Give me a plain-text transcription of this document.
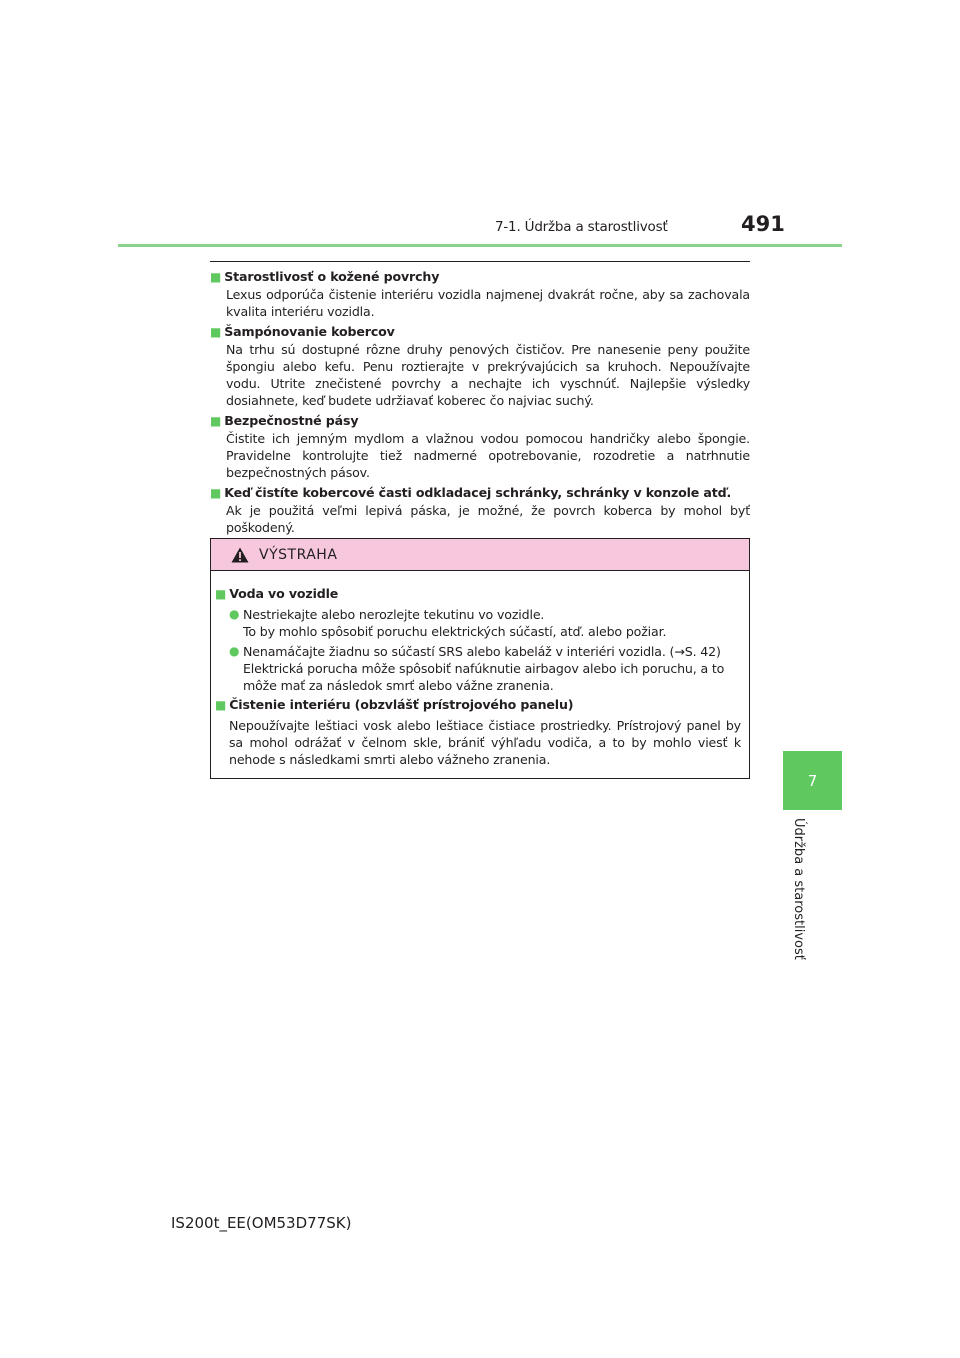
7-1. Údržba a starostlivosť	491
7
Údržba a starostlivosť
■ Starostlivosť o kožené povrchy
Lexus odporúča čistenie interiéru vozidla najmenej dvakrát ročne, aby sa zachovala kvalita interiéru vozidla.
■ Šampónovanie kobercov
Na trhu sú dostupné rôzne druhy penových čističov. Pre nanesenie peny použite špongiu alebo kefu. Penu roztierajte v prekrývajúcich sa kruhoch. Nepoužívajte vodu. Utrite znečistené povrchy a nechajte ich vyschnúť. Najlepšie výsledky dosiahnete, keď budete udržiavať koberec čo najviac suchý.
■ Bezpečnostné pásy
Čistite ich jemným mydlom a vlažnou vodou pomocou handričky alebo špongie. Pravidelne kontrolujte tiež nadmerné opotrebovanie, rozodretie a natrhnutie bezpečnostných pásov.
■ Keď čistíte kobercové časti odkladacej schránky, schránky v konzole atď.
Ak je použitá veľmi lepivá páska, je možné, že povrch koberca by mohol byť poškodený.
VÝSTRAHA
■ Voda vo vozidle
● Nestriekajte alebo nerozlejte tekutinu vo vozidle.
To by mohlo spôsobiť poruchu elektrických súčastí, atď. alebo požiar.
● Nenamáčajte žiadnu so súčastí SRS alebo kabeláž v interiéri vozidla. (→S. 42)
Elektrická porucha môže spôsobiť nafúknutie airbagov alebo ich poruchu, a to môže mať za následok smrť alebo vážne zranenia.
■ Čistenie interiéru (obzvlášť prístrojového panelu)
Nepoužívajte leštiaci vosk alebo leštiace čistiace prostriedky. Prístrojový panel by sa mohol odrážať v čelnom skle, brániť výhľadu vodiča, a to by mohlo viesť k nehode s následkami smrti alebo vážneho zranenia.
IS200t_EE(OM53D77SK)
